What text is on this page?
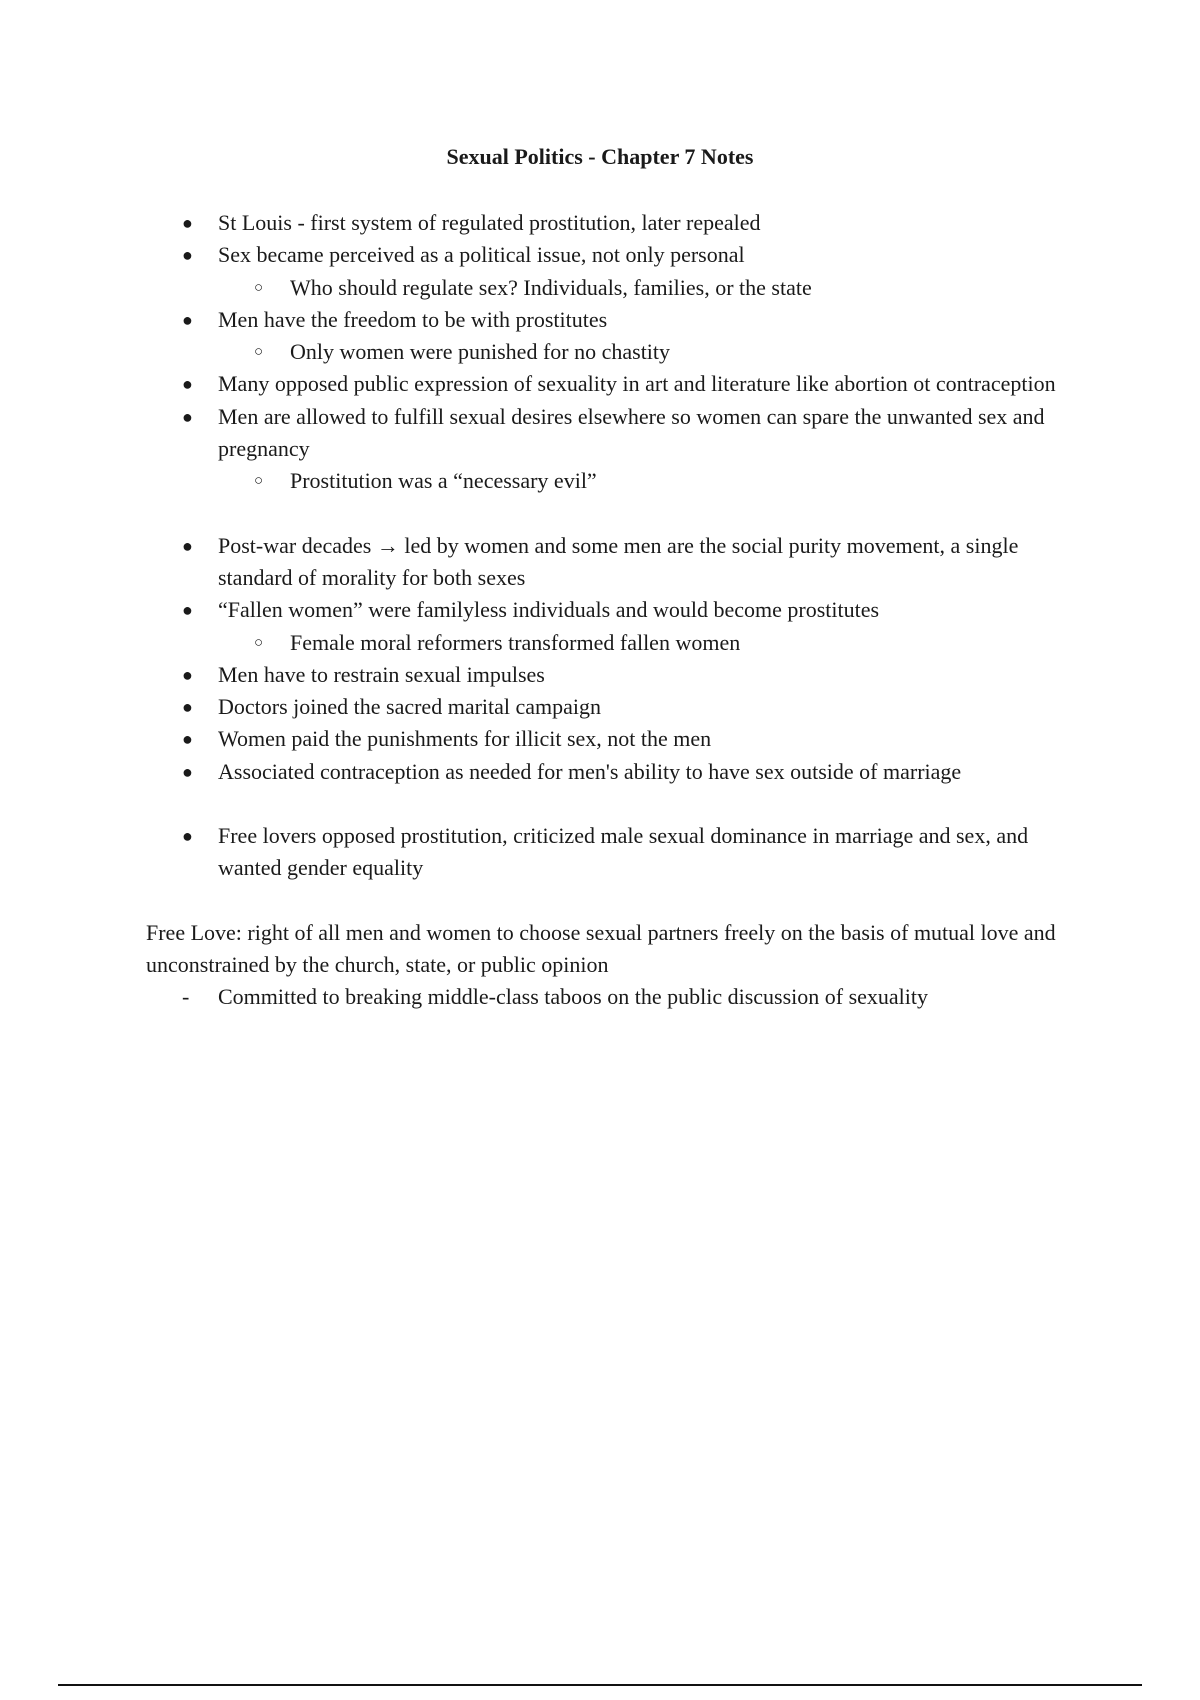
Sexual Politics - Chapter 7 Notes
● St Louis - first system of regulated prostitution, later repealed
● Sex became perceived as a political issue, not only personal
○ Who should regulate sex? Individuals, families, or the state
● Men have the freedom to be with prostitutes
○ Only women were punished for no chastity
● Many opposed public expression of sexuality in art and literature like abortion ot contraception
● Men are allowed to fulfill sexual desires elsewhere so women can spare the unwanted sex and pregnancy
○ Prostitution was a “necessary evil”
● Post-war decades → led by women and some men are the social purity movement, a single standard of morality for both sexes
● “Fallen women” were familyless individuals and would become prostitutes
○ Female moral reformers transformed fallen women
● Men have to restrain sexual impulses
● Doctors joined the sacred marital campaign
● Women paid the punishments for illicit sex, not the men
● Associated contraception as needed for men's ability to have sex outside of marriage
● Free lovers opposed prostitution, criticized male sexual dominance in marriage and sex, and wanted gender equality
Free Love: right of all men and women to choose sexual partners freely on the basis of mutual love and unconstrained by the church, state, or public opinion
- Committed to breaking middle-class taboos on the public discussion of sexuality
